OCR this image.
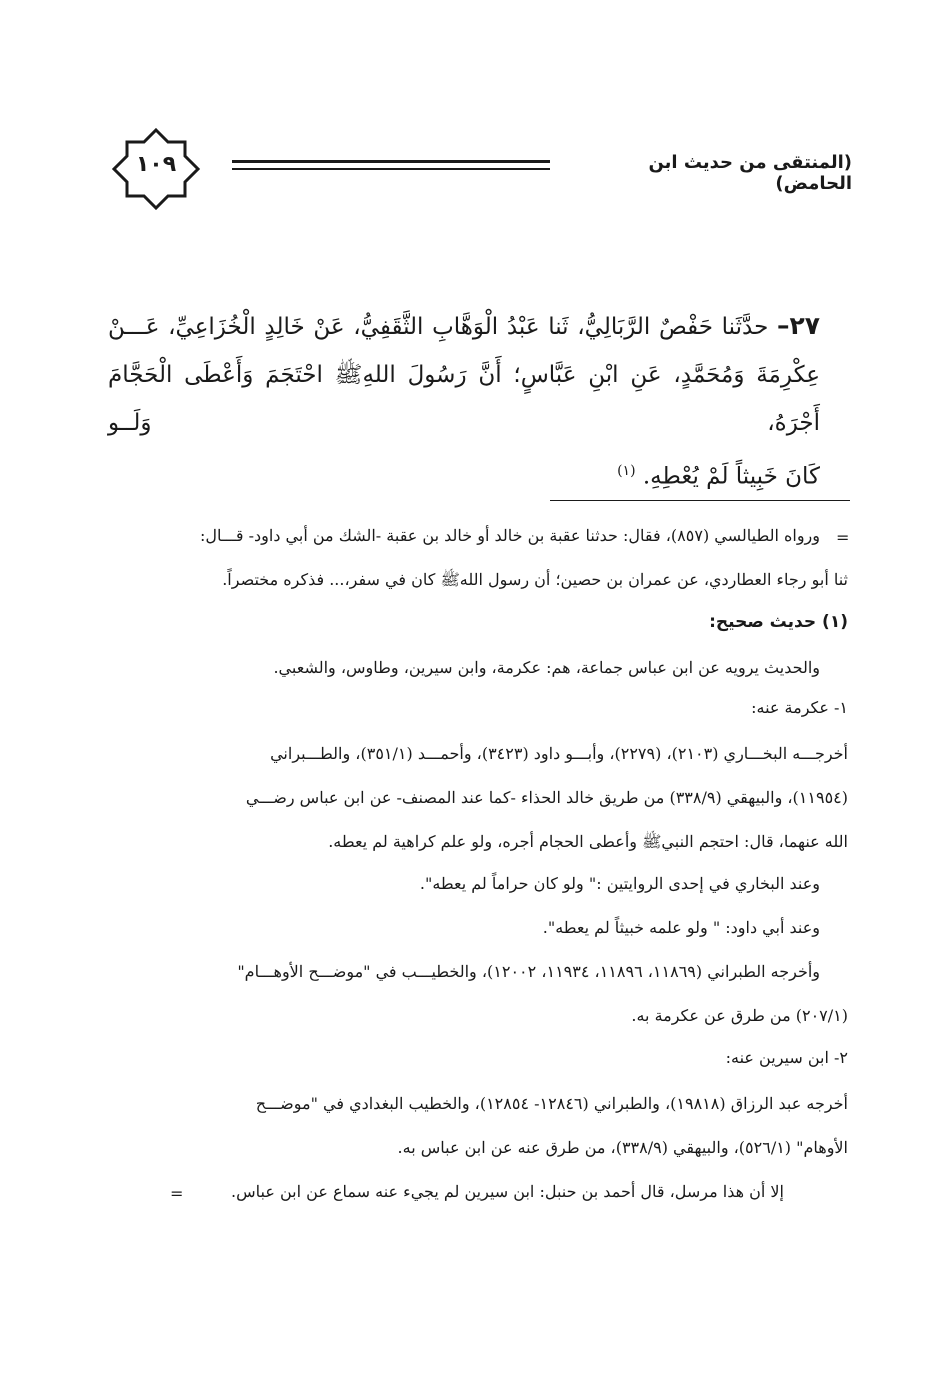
(المنتقى من حديث ابن الحامض)
١٠٩
٢٧– حدَّثَنا حَفْصٌ الرَّبَالِيُّ، ثَنا عَبْدُ الْوَهَّابِ الثَّقَفِيُّ، عَنْ خَالِدٍ الْخُزَاعِيِّ، عَـــنْ
عِكْرِمَةَ وَمُحَمَّدٍ، عَنِ ابْنِ عَبَّاسٍ؛ أَنَّ رَسُولَ اللهِﷺ احْتَجَمَ وَأَعْطَى الْحَجَّامَ أَجْرَهُ، وَلَــو
كَانَ خَبِيثاً لَمْ يُعْطِهِ. $^{(١)}$
=
ورواه الطيالسي (٨٥٧)، فقال: حدثنا عقبة بن خالد أو خالد بن عقبة -الشك من أبي داود- قـــال:
ثنا أبو رجاء العطاردي، عن عمران بن حصين؛ أن رسول اللهﷺ كان في سفر،... فذكره مختصراً.
(١) حديث صحيح:
والحديث يرويه عن ابن عباس جماعة، هم: عكرمة، وابن سيرين، وطاوس، والشعبي.
١- عكرمة عنه:
أخرجـــه البخـــاري (٢١٠٣)، (٢٢٧٩)، وأبـــو داود (٣٤٢٣)، وأحمـــد (٣٥١/١)، والطـــبراني
(١١٩٥٤)، والبيهقي (٣٣٨/٩) من طريق خالد الحذاء -كما عند المصنف- عن ابن عباس رضـــي
الله عنهما، قال: احتجم النبيﷺ وأعطى الحجام أجره، ولو علم كراهية لم يعطه.
وعند البخاري في إحدى الروايتين :" ولو كان حراماً لم يعطه".
وعند أبي داود: " ولو علمه خبيثاً لم يعطه".
وأخرجه الطبراني (١١٨٦٩، ١١٨٩٦، ١١٩٣٤، ١٢٠٠٢)، والخطيـــب في "موضـــح الأوهـــام"
(٢٠٧/١) من طرق عن عكرمة به.
٢- ابن سيرين عنه:
أخرجه عبد الرزاق (١٩٨١٨)، والطبراني (١٢٨٤٦- ١٢٨٥٤)، والخطيب البغدادي في "موضـــح
الأوهام" (٥٢٦/١)، والبيهقي (٣٣٨/٩)، من طرق عنه عن ابن عباس به.
إلا أن هذا مرسل، قال أحمد بن حنبل: ابن سيرين لم يجيء عنه سماع عن ابن عباس.
=
